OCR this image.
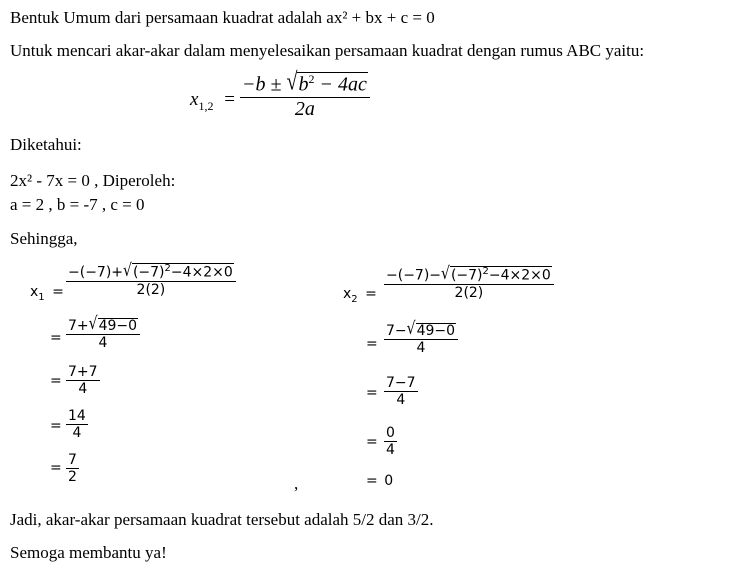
Bentuk Umum dari persamaan kuadrat adalah ax² + bx + c = 0
Untuk mencari akar-akar dalam menyelesaikan persamaan kuadrat dengan rumus ABC yaitu:
$x_{1,2}$ =
$-b \pm √b^2 - 4ac$
2a
Diketahui:
2x² - 7x = 0 , Diperoleh:
a = 2 , b = -7 , c = 0
Sehingga,
$x_1$ =
$-(-7)+√(-7)^2-4\times 2\times 0$
2(2)
=
7+√49−0
4
=
7+7
4
=
14
4
= 7
2	,
$x_2$ =
$-(-7)-√(-7)^2-4\times 2\times 0$
2(2)
=
7−√49−0
4
=
7−7
4
=
0
4
= 0
Jadi, akar-akar persamaan kuadrat tersebut adalah 5/2 dan 3/2.
Semoga membantu ya!
